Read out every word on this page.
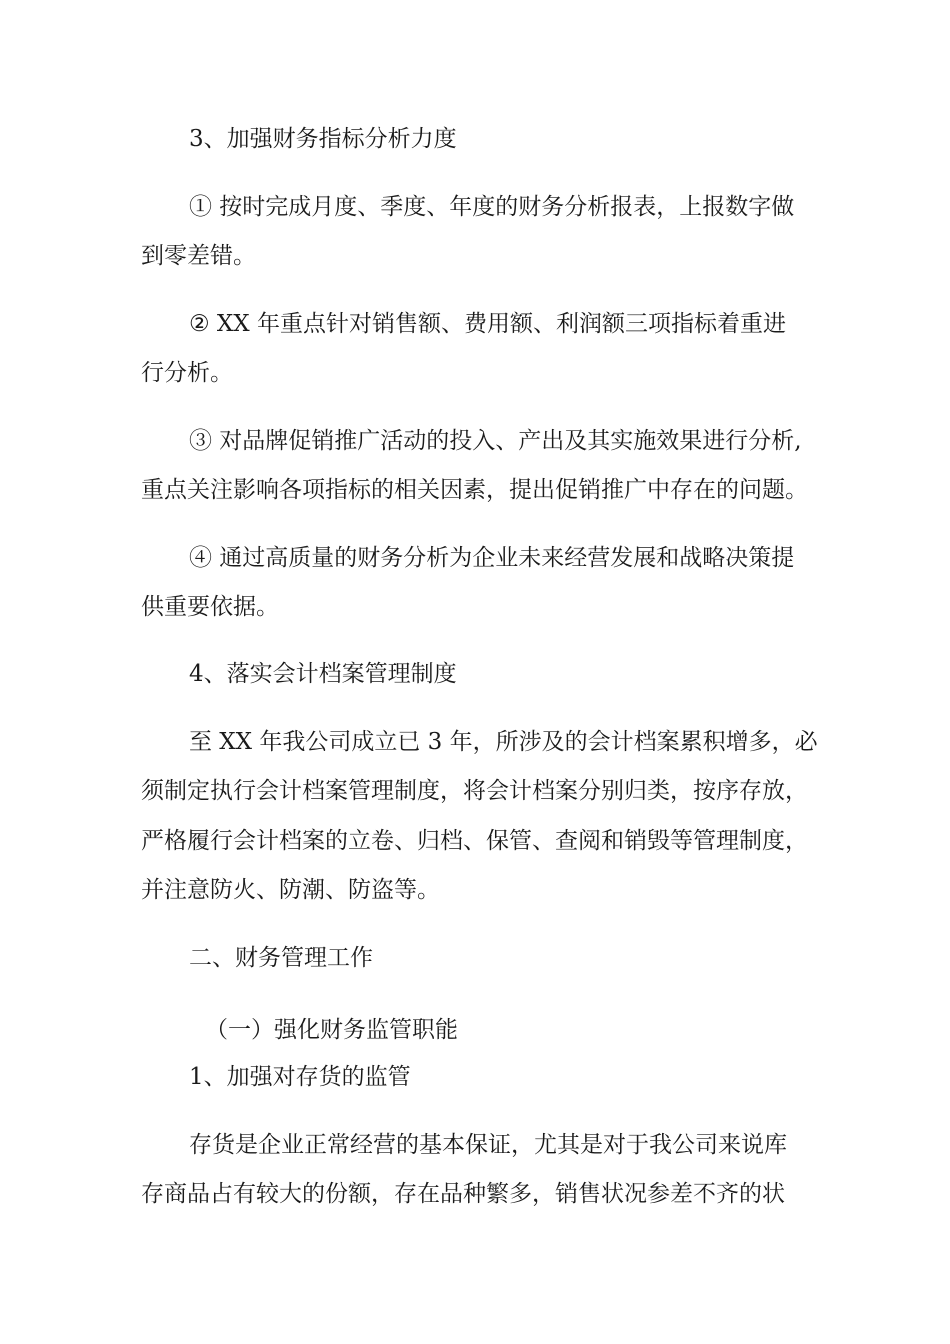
3、加强财务指标分析力度
① 按时完成月度、季度、年度的财务分析报表，上报数字做
到零差错。
② XX 年重点针对销售额、费用额、利润额三项指标着重进
行分析。
③ 对品牌促销推广活动的投入、产出及其实施效果进行分析,
重点关注影响各项指标的相关因素，提出促销推广中存在的问题。
④ 通过高质量的财务分析为企业未来经营发展和战略决策提
供重要依据。
4、落实会计档案管理制度
至 XX 年我公司成立已 3 年，所涉及的会计档案累积增多，必
须制定执行会计档案管理制度，将会计档案分别归类，按序存放，
严格履行会计档案的立卷、归档、保管、查阅和销毁等管理制度，
并注意防火、防潮、防盗等。
二、财务管理工作
（一）强化财务监管职能
1、加强对存货的监管
存货是企业正常经营的基本保证，尤其是对于我公司来说库
存商品占有较大的份额，存在品种繁多，销售状况参差不齐的状
